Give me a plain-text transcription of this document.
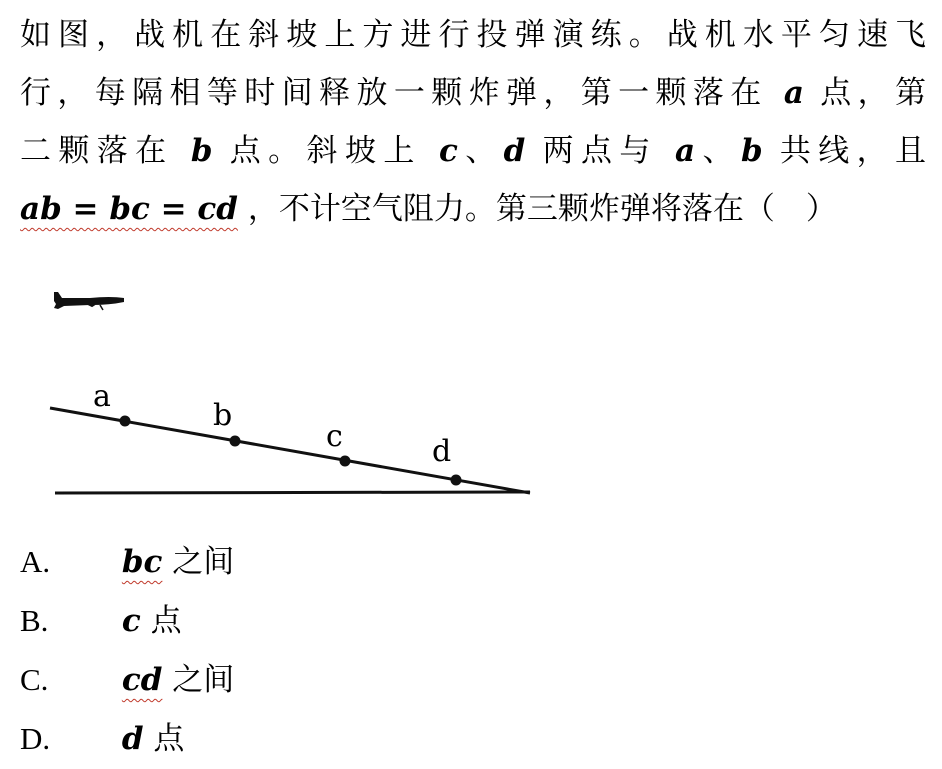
如图，战机在斜坡上方进行投弹演练。战机水平匀速飞
行，每隔相等时间释放一颗炸弹，第一颗落在 a 点，第
二颗落在 b 点。斜坡上 c、d 两点与 a、b 共线，且
ab = bc = cd ，不计空气阻力。第三颗炸弹将落在（　）
a
b
c	d
A. bc 之间
B. c 点
C. cd 之间
D. d 点
